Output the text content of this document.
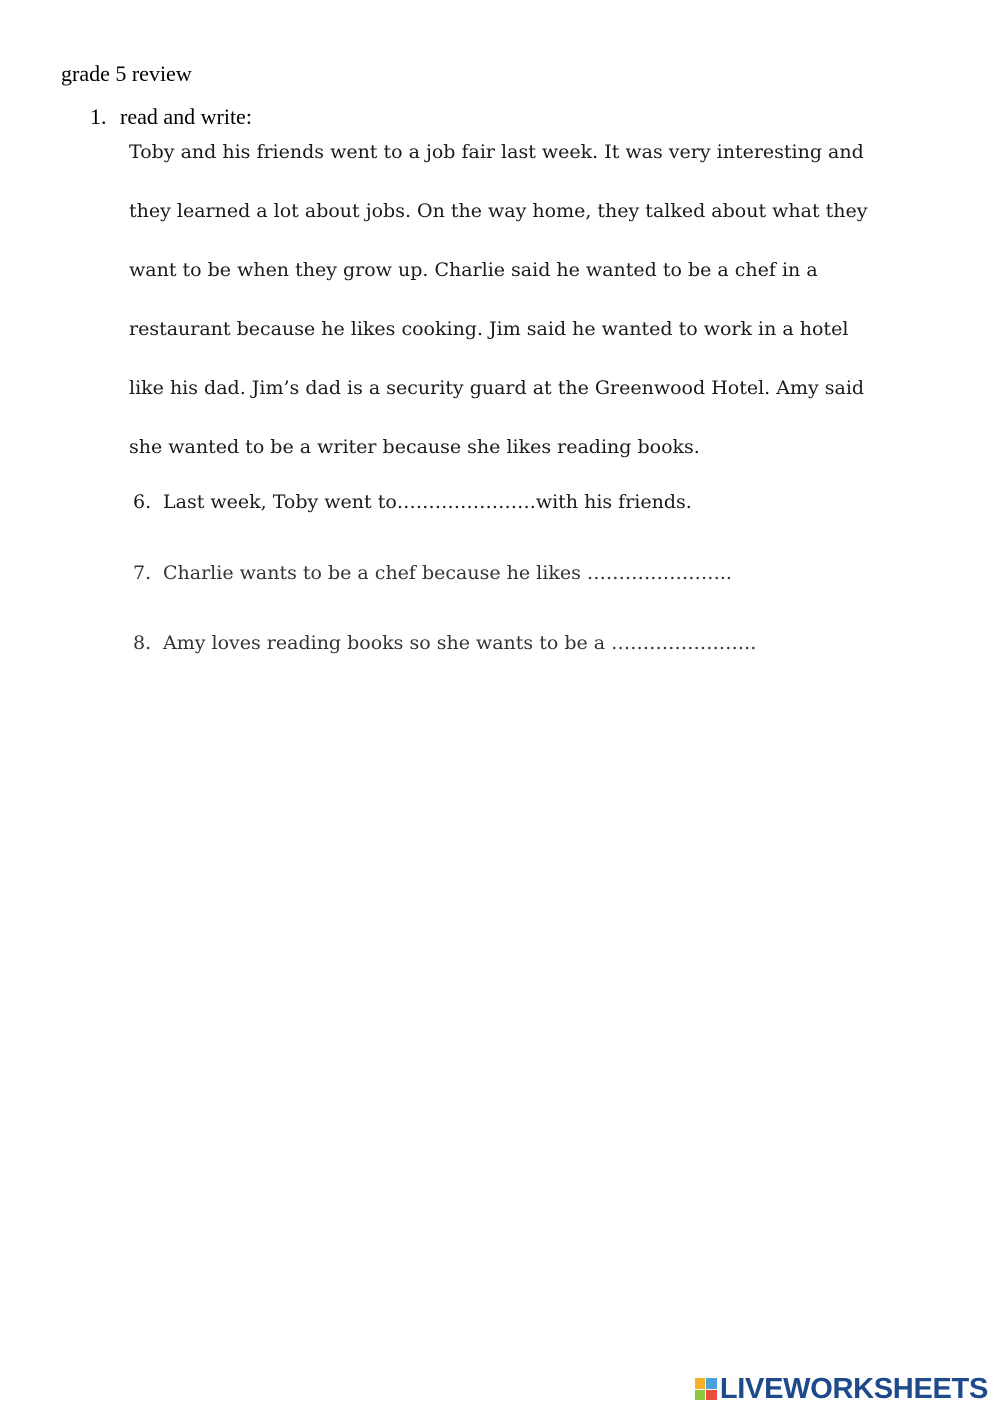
grade 5 review
1. read and write:
Toby and his friends went to a job fair last week. It was very interesting and
they learned a lot about jobs. On the way home, they talked about what they
want to be when they grow up. Charlie said he wanted to be a chef in a
restaurant because he likes cooking. Jim said he wanted to work in a hotel
like his dad. Jim’s dad is a security guard at the Greenwood Hotel. Amy said
she wanted to be a writer because she likes reading books.
6. Last week, Toby went to………………….with his friends.
7. Charlie wants to be a chef because he likes …………………..
8. Amy loves reading books so she wants to be a …………………..
LIVEWORKSHEETS
